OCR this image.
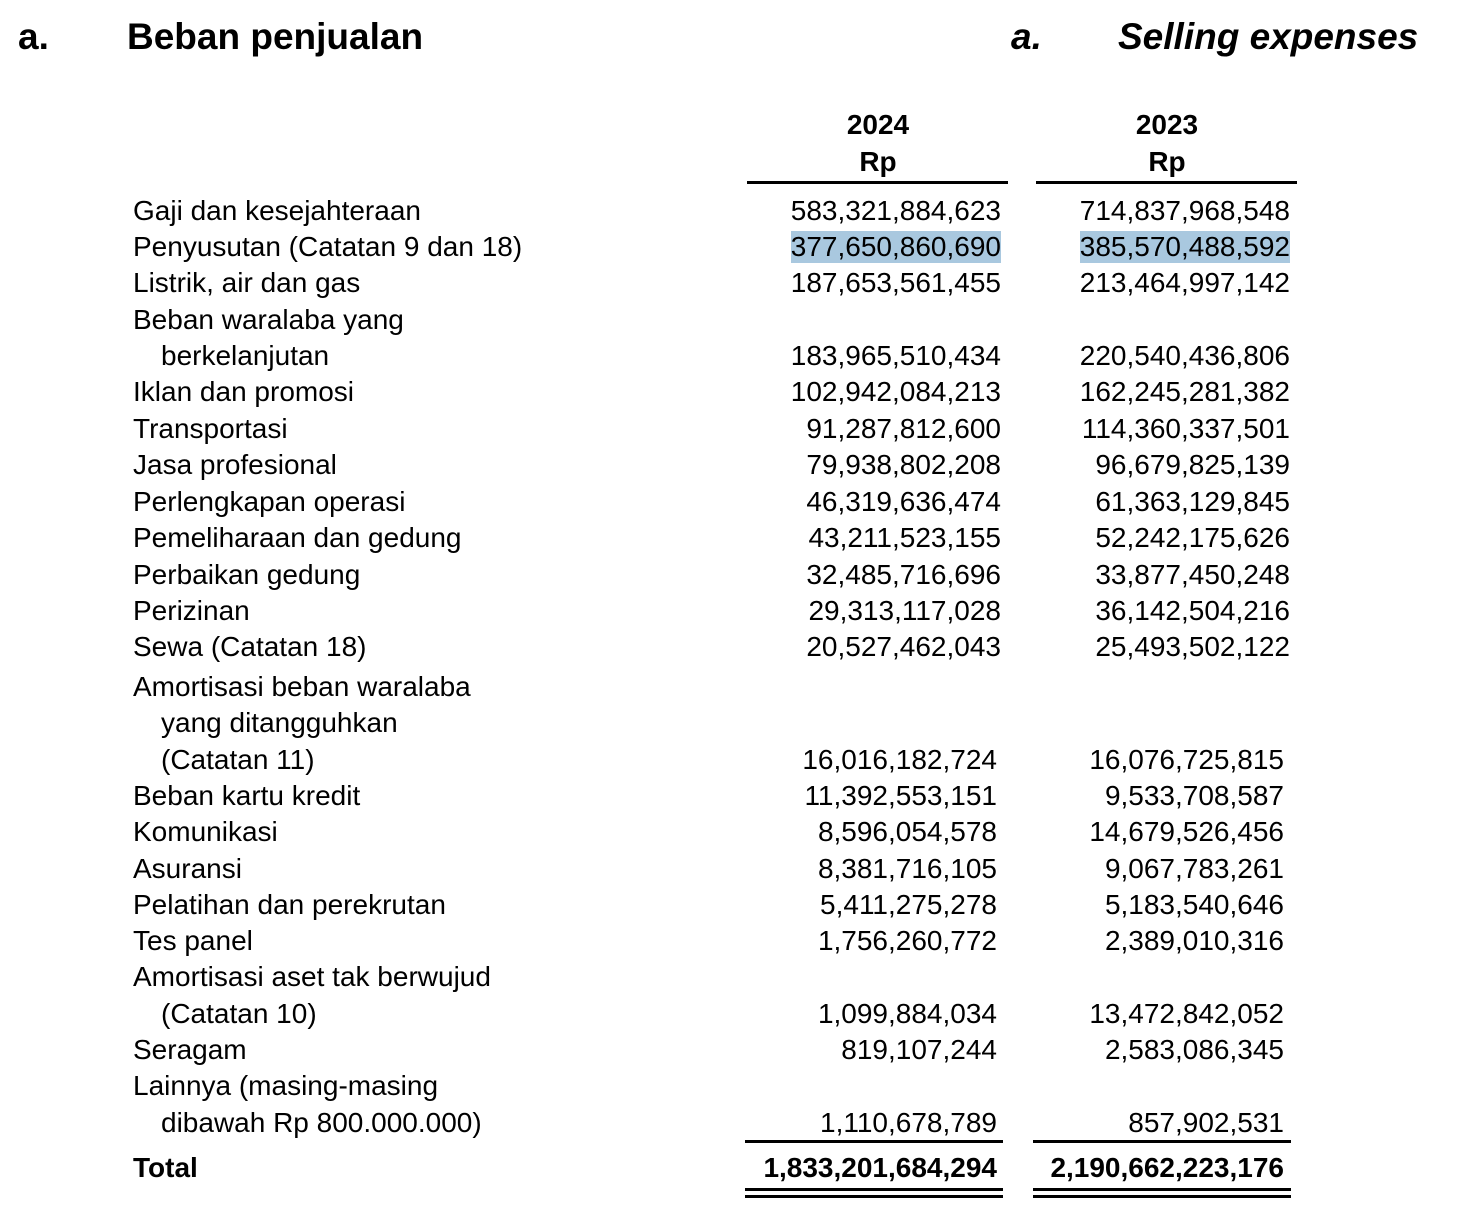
a. Beban penjualan	a. Selling expenses
2024
Rp
2023
Rp
Gaji dan kesejahteraan	583,321,884,623	714,837,968,548
Penyusutan (Catatan 9 dan 18)	377,650,860,690	385,570,488,592
Listrik, air dan gas	187,653,561,455	213,464,997,142
Beban waralaba yang
berkelanjutan	183,965,510,434	220,540,436,806
Iklan dan promosi	102,942,084,213	162,245,281,382
Transportasi	91,287,812,600	114,360,337,501
Jasa profesional	79,938,802,208	96,679,825,139
Perlengkapan operasi	46,319,636,474	61,363,129,845
Pemeliharaan dan gedung	43,211,523,155	52,242,175,626
Perbaikan gedung	32,485,716,696	33,877,450,248
Perizinan	29,313,117,028	36,142,504,216
Sewa (Catatan 18)	20,527,462,043	25,493,502,122
Amortisasi beban waralaba
yang ditangguhkan
(Catatan 11)	16,016,182,724	16,076,725,815
Beban kartu kredit	11,392,553,151	9,533,708,587
Komunikasi	8,596,054,578	14,679,526,456
Asuransi	8,381,716,105	9,067,783,261
Pelatihan dan perekrutan	5,411,275,278	5,183,540,646
Tes panel	1,756,260,772	2,389,010,316
Amortisasi aset tak berwujud
(Catatan 10)	1,099,884,034	13,472,842,052
Seragam	819,107,244	2,583,086,345
Lainnya (masing-masing
dibawah Rp 800.000.000)	1,110,678,789	857,902,531
Total	1,833,201,684,294 2,190,662,223,176
